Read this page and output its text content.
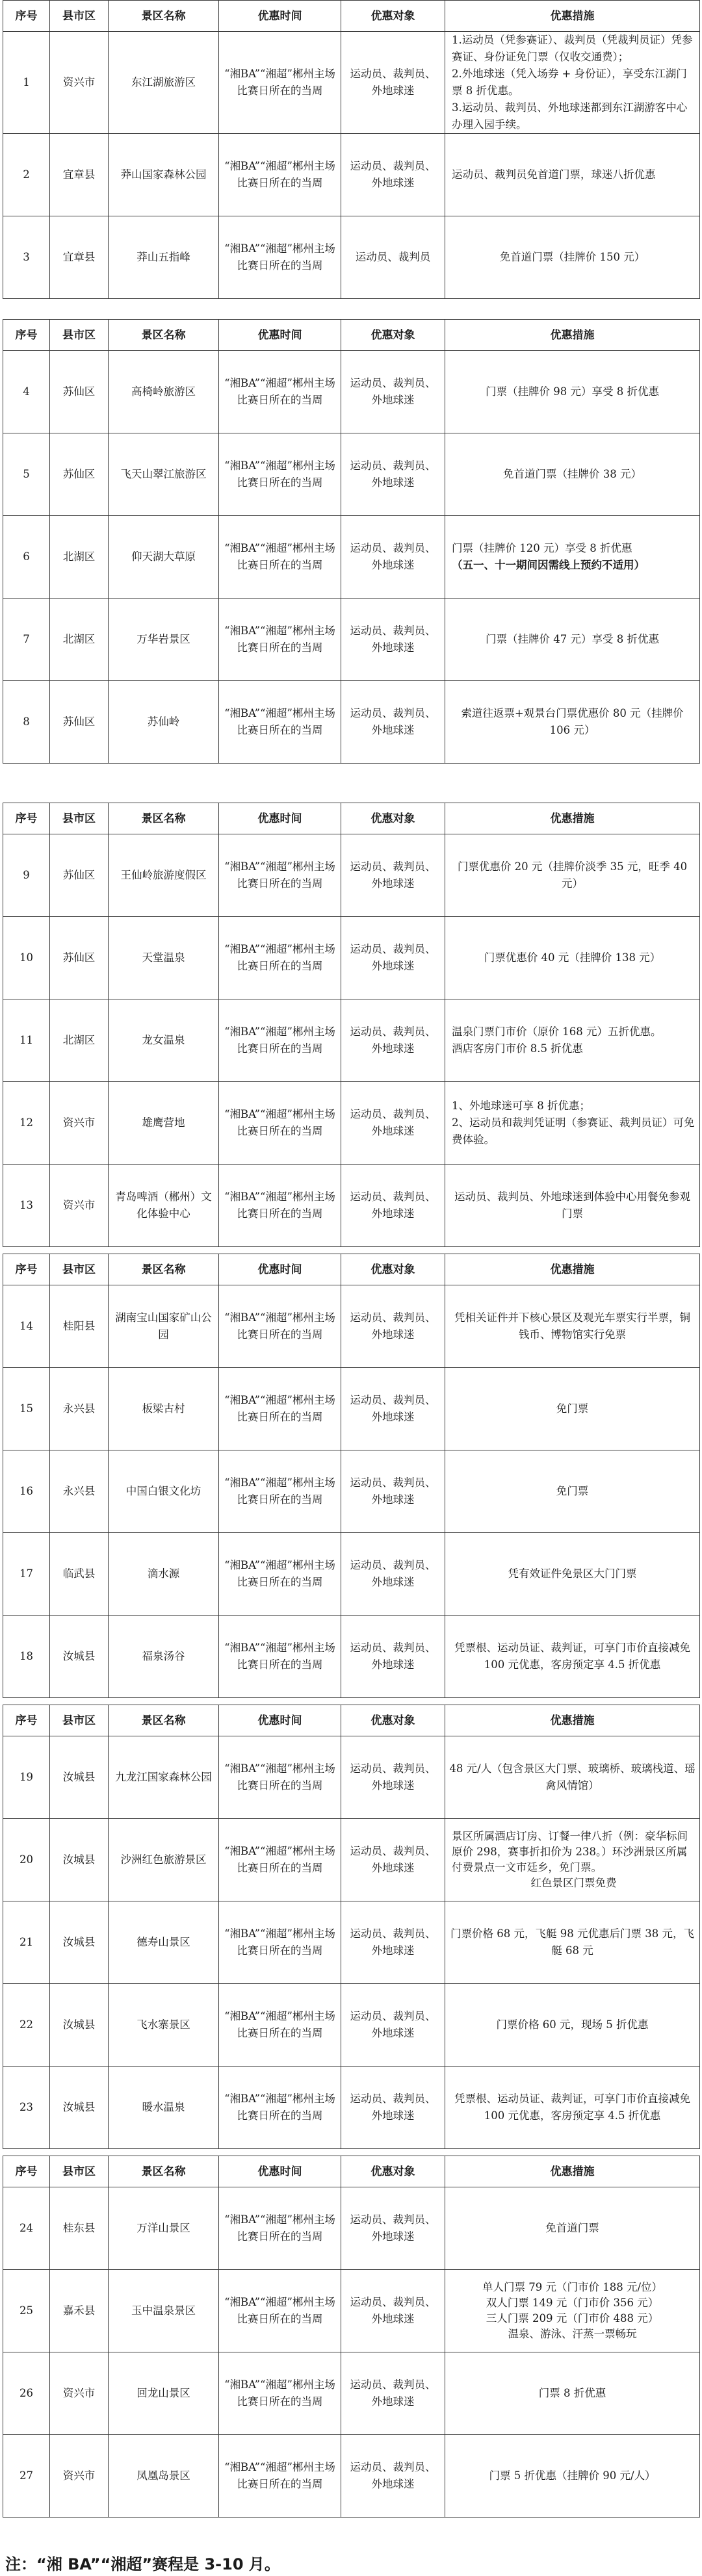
序号	县市区	景区名称	优惠时间	优惠对象	优惠措施
1	资兴市	东江湖旅游区	“湘BA”“湘超”郴州主场比赛日所在的当周	运动员、裁判员、外地球迷	1.运动员（凭参赛证）、裁判员（凭裁判员证）凭参赛证、身份证免门票（仅收交通费）；
2.外地球迷（凭入场券 + 身份证），享受东江湖门票 8 折优惠。
3.运动员、裁判员、外地球迷都到东江湖游客中心办理入园手续。

2	宜章县	莽山国家森林公园	“湘BA”“湘超”郴州主场比赛日所在的当周	运动员、裁判员、外地球迷	运动员、裁判员免首道门票，球迷八折优惠

3	宜章县	莽山五指峰	“湘BA”“湘超”郴州主场比赛日所在的当周	运动员、裁判员	免首道门票（挂牌价 150 元）
序号	县市区	景区名称	优惠时间	优惠对象	优惠措施
4	苏仙区	高椅岭旅游区	“湘BA”“湘超”郴州主场比赛日所在的当周	运动员、裁判员、外地球迷	门票（挂牌价 98 元）享受 8 折优惠

5	苏仙区	飞天山翠江旅游区	“湘BA”“湘超”郴州主场比赛日所在的当周	运动员、裁判员、外地球迷	免首道门票（挂牌价 38 元）

6	北湖区	仰天湖大草原	“湘BA”“湘超”郴州主场比赛日所在的当周	运动员、裁判员、外地球迷	门票（挂牌价 120 元）享受 8 折优惠
（五一、十一期间因需线上预约不适用）

7	北湖区	万华岩景区	“湘BA”“湘超”郴州主场比赛日所在的当周	运动员、裁判员、外地球迷	门票（挂牌价 47 元）享受 8 折优惠

8	苏仙区	苏仙岭	“湘BA”“湘超”郴州主场比赛日所在的当周	运动员、裁判员、外地球迷	索道往返票+观景台门票优惠价 80 元（挂牌价 106 元）
序号	县市区	景区名称	优惠时间	优惠对象	优惠措施
9	苏仙区	王仙岭旅游度假区	“湘BA”“湘超”郴州主场比赛日所在的当周	运动员、裁判员、外地球迷	门票优惠价 20 元（挂牌价淡季 35 元，旺季 40 元）

10	苏仙区	天堂温泉	“湘BA”“湘超”郴州主场比赛日所在的当周	运动员、裁判员、外地球迷	门票优惠价 40 元（挂牌价 138 元）

11	北湖区	龙女温泉	“湘BA”“湘超”郴州主场比赛日所在的当周	运动员、裁判员、外地球迷	温泉门票门市价（原价 168 元）五折优惠。
酒店客房门市价 8.5 折优惠

12	资兴市	雄鹰营地	“湘BA”“湘超”郴州主场比赛日所在的当周	运动员、裁判员、外地球迷	1、外地球迷可享 8 折优惠；
2、运动员和裁判凭证明（参赛证、裁判员证）可免费体验。

13	资兴市	青岛啤酒（郴州）文化体验中心	“湘BA”“湘超”郴州主场比赛日所在的当周	运动员、裁判员、外地球迷	运动员、裁判员、外地球迷到体验中心用餐免参观门票
序号	县市区	景区名称	优惠时间	优惠对象	优惠措施
14	桂阳县	湖南宝山国家矿山公园	“湘BA”“湘超”郴州主场比赛日所在的当周	运动员、裁判员、外地球迷	凭相关证件并下核心景区及观光车票实行半票，铜钱币、博物馆实行免票

15	永兴县	板梁古村	“湘BA”“湘超”郴州主场比赛日所在的当周	运动员、裁判员、外地球迷	免门票

16	永兴县	中国白银文化坊	“湘BA”“湘超”郴州主场比赛日所在的当周	运动员、裁判员、外地球迷	免门票

17	临武县	滴水源	“湘BA”“湘超”郴州主场比赛日所在的当周	运动员、裁判员、外地球迷	凭有效证件免景区大门门票

18	汝城县	福泉汤谷	“湘BA”“湘超”郴州主场比赛日所在的当周	运动员、裁判员、外地球迷	凭票根、运动员证、裁判证，可享门市价直接减免 100 元优惠，客房预定享 4.5 折优惠
序号	县市区	景区名称	优惠时间	优惠对象	优惠措施
19	汝城县	九龙江国家森林公园	“湘BA”“湘超”郴州主场比赛日所在的当周	运动员、裁判员、外地球迷	48 元/人（包含景区大门票、玻璃桥、玻璃栈道、瑶禽风情馆）

20	汝城县	沙洲红色旅游景区	“湘BA”“湘超”郴州主场比赛日所在的当周	运动员、裁判员、外地球迷	景区所属酒店订房、订餐一律八折（例：豪华标间原价 298，赛事折扣价为 238。）环沙洲景区所属付费景点一文市廷乡，免门票。
红色景区门票免费

21	汝城县	德寿山景区	“湘BA”“湘超”郴州主场比赛日所在的当周	运动员、裁判员、外地球迷	门票价格 68 元，飞艇 98 元优惠后门票 38 元，飞艇 68 元

22	汝城县	飞水寨景区	“湘BA”“湘超”郴州主场比赛日所在的当周	运动员、裁判员、外地球迷	门票价格 60 元，现场 5 折优惠

23	汝城县	暖水温泉	“湘BA”“湘超”郴州主场比赛日所在的当周	运动员、裁判员、外地球迷	凭票根、运动员证、裁判证，可享门市价直接减免 100 元优惠，客房预定享 4.5 折优惠
序号	县市区	景区名称	优惠时间	优惠对象	优惠措施
24	桂东县	万洋山景区	“湘BA”“湘超”郴州主场比赛日所在的当周	运动员、裁判员、外地球迷	免首道门票

25	嘉禾县	玉中温泉景区	“湘BA”“湘超”郴州主场比赛日所在的当周	运动员、裁判员、外地球迷	单人门票 79 元（门市价 188 元/位）
双人门票 149 元（门市价 356 元）
三人门票 209 元（门市价 488 元）
温泉、游泳、汗蒸一票畅玩

26	资兴市	回龙山景区	“湘BA”“湘超”郴州主场比赛日所在的当周	运动员、裁判员、外地球迷	门票 8 折优惠

27	资兴市	凤凰岛景区	“湘BA”“湘超”郴州主场比赛日所在的当周	运动员、裁判员、外地球迷	门票 5 折优惠（挂牌价 90 元/人）
注：“湘 BA”“湘超”赛程是 3-10 月。
